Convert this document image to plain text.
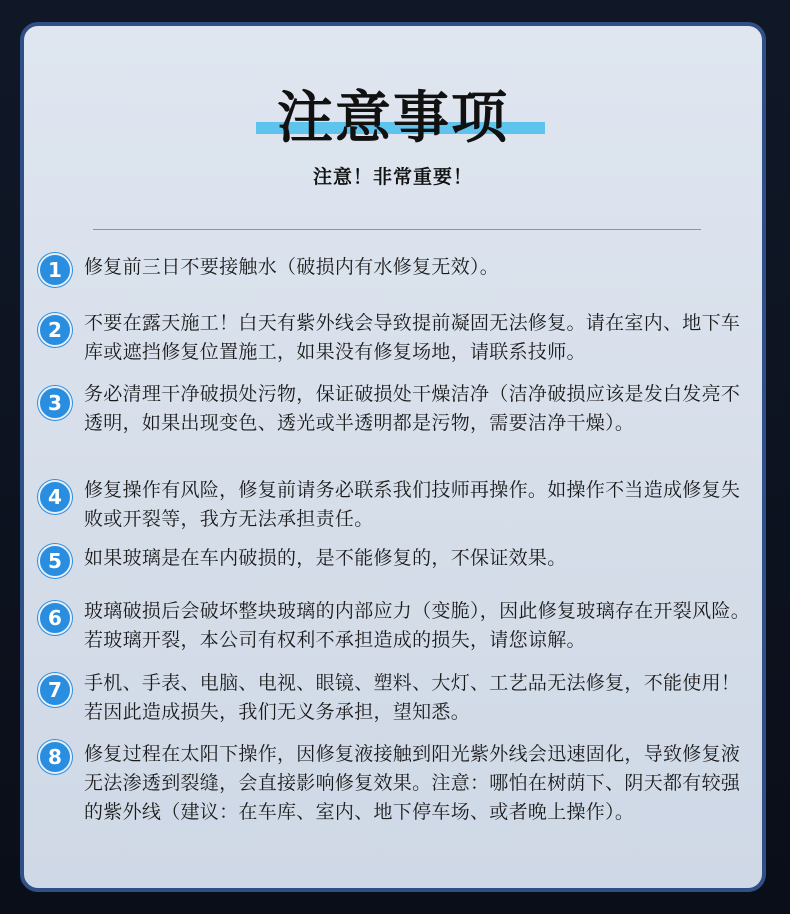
注意事项
注意！非常重要！
1	修复前三日不要接触水（破损内有水修复无效）。
2	不要在露天施工！白天有紫外线会导致提前凝固无法修复。请在室内、地下车库或遮挡修复位置施工，如果没有修复场地，请联系技师。
3	务必清理干净破损处污物，保证破损处干燥洁净（洁净破损应该是发白发亮不透明，如果出现变色、透光或半透明都是污物，需要洁净干燥）。
4	修复操作有风险，修复前请务必联系我们技师再操作。如操作不当造成修复失败或开裂等，我方无法承担责任。
5	如果玻璃是在车内破损的，是不能修复的，不保证效果。
6	玻璃破损后会破坏整块玻璃的内部应力（变脆），因此修复玻璃存在开裂风险。若玻璃开裂，本公司有权利不承担造成的损失，请您谅解。
7	手机、手表、电脑、电视、眼镜、塑料、大灯、工艺品无法修复，不能使用！若因此造成损失，我们无义务承担，望知悉。
8	修复过程在太阳下操作，因修复液接触到阳光紫外线会迅速固化，导致修复液无法渗透到裂缝，会直接影响修复效果。注意：哪怕在树荫下、阴天都有较强的紫外线（建议：在车库、室内、地下停车场、或者晚上操作）。
